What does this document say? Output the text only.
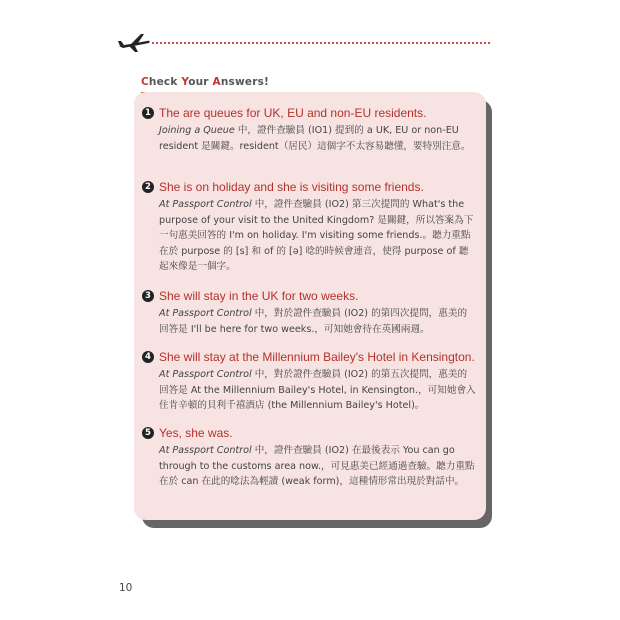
Check Your Answers!
1 The are queues for UK, EU and non-EU residents.
Joining a Queue 中，證件查驗員 (IO1) 提到的 a UK, EU or non-EU resident 是關鍵。resident（居民）這個字不太容易聽懂，要特別注意。
2 She is on holiday and she is visiting some friends.
At Passport Control 中，證件查驗員 (IO2) 第三次提問的 What's the purpose of your visit to the United Kingdom? 是關鍵，所以答案為下一句惠美回答的 I'm on holiday. I'm visiting some friends.。聽力重點在於 purpose 的 [s] 和 of 的 [ə] 唸的時候會連音，使得 purpose of 聽起來像是一個字。
3 She will stay in the UK for two weeks.
At Passport Control 中，對於證件查驗員 (IO2) 的第四次提問，惠美的回答是 I'll be here for two weeks.，可知她會待在英國兩週。
4 She will stay at the Millennium Bailey's Hotel in Kensington.
At Passport Control 中，對於證件查驗員 (IO2) 的第五次提問，惠美的回答是 At the Millennium Bailey's Hotel, in Kensington.，可知她會入住肯辛頓的貝利千禧酒店 (the Millennium Bailey's Hotel)。
5 Yes, she was.
At Passport Control 中，證件查驗員 (IO2) 在最後表示 You can go through to the customs area now.，可見惠美已經通過查驗。聽力重點在於 can 在此的唸法為輕讀 (weak form)，這種情形常出現於對話中。
10
